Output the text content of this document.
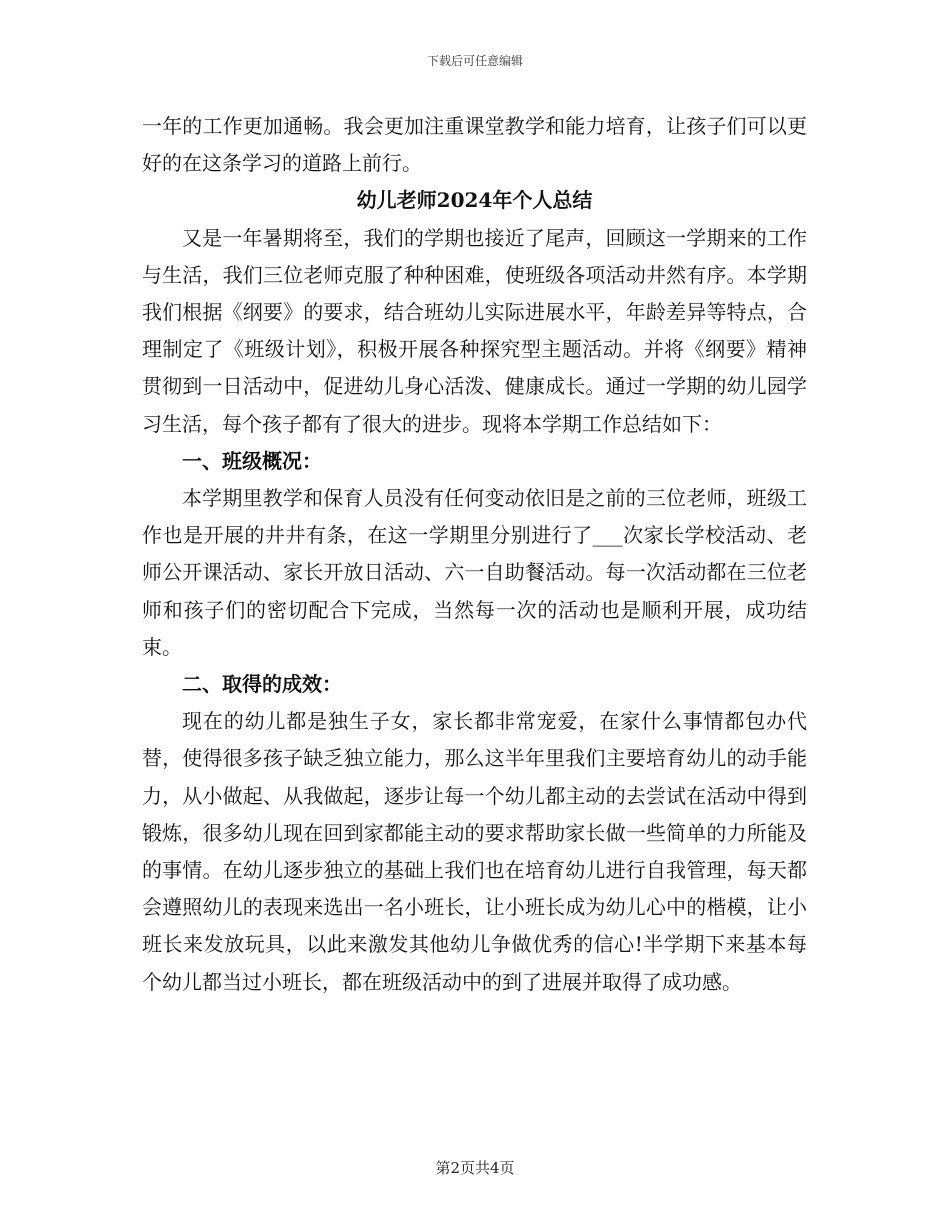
下载后可任意编辑

一年的工作更加通畅。我会更加注重课堂教学和能力培育，让孩子们可以更好的在这条学习的道路上前行。

幼儿老师2024年个人总结

又是一年暑期将至，我们的学期也接近了尾声，回顾这一学期来的工作与生活，我们三位老师克服了种种困难，使班级各项活动井然有序。本学期我们根据《纲要》的要求，结合班幼儿实际进展水平，年龄差异等特点，合理制定了《班级计划》，积极开展各种探究型主题活动。并将《纲要》精神贯彻到一日活动中，促进幼儿身心活泼、健康成长。通过一学期的幼儿园学习生活，每个孩子都有了很大的进步。现将本学期工作总结如下：

一、班级概况：

本学期里教学和保育人员没有任何变动依旧是之前的三位老师，班级工作也是开展的井井有条，在这一学期里分别进行了___次家长学校活动、老师公开课活动、家长开放日活动、六一自助餐活动。每一次活动都在三位老师和孩子们的密切配合下完成，当然每一次的活动也是顺利开展，成功结束。

二、取得的成效：

现在的幼儿都是独生子女，家长都非常宠爱，在家什么事情都包办代替，使得很多孩子缺乏独立能力，那么这半年里我们主要培育幼儿的动手能力，从小做起、从我做起，逐步让每一个幼儿都主动的去尝试在活动中得到锻炼，很多幼儿现在回到家都能主动的要求帮助家长做一些简单的力所能及的事情。在幼儿逐步独立的基础上我们也在培育幼儿进行自我管理，每天都会遵照幼儿的表现来选出一名小班长，让小班长成为幼儿心中的楷模，让小班长来发放玩具，以此来激发其他幼儿争做优秀的信心!半学期下来基本每个幼儿都当过小班长，都在班级活动中的到了进展并取得了成功感。

第2页共4页
